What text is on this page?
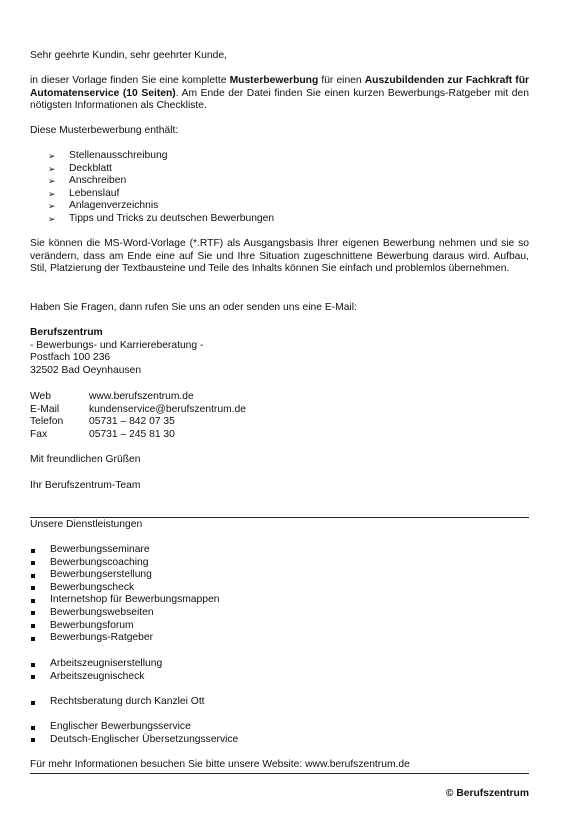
Sehr geehrte Kundin, sehr geehrter Kunde,
in dieser Vorlage finden Sie eine komplette Musterbewerbung für einen Auszubildenden zur Fachkraft für Automatenservice (10 Seiten). Am Ende der Datei finden Sie einen kurzen Bewerbungs-Ratgeber mit den nötigsten Informationen als Checkliste.
Diese Musterbewerbung enthält:
➢ Stellenausschreibung
➢ Deckblatt
➢ Anschreiben
➢ Lebenslauf
➢ Anlagenverzeichnis
➢ Tipps und Tricks zu deutschen Bewerbungen
Sie können die MS-Word-Vorlage (*.RTF) als Ausgangsbasis Ihrer eigenen Bewerbung nehmen und sie so verändern, dass am Ende eine auf Sie und Ihre Situation zugeschnittene Bewerbung daraus wird. Aufbau, Stil, Platzierung der Textbausteine und Teile des Inhalts können Sie einfach und problemlos übernehmen.
Haben Sie Fragen, dann rufen Sie uns an oder senden uns eine E-Mail:
Berufszentrum
- Bewerbungs- und Karriereberatung -
Postfach 100 236
32502 Bad Oeynhausen
Web	www.berufszentrum.de
E-Mail	kundenservice@berufszentrum.de
Telefon	05731 – 842 07 35
Fax	05731 – 245 81 30
Mit freundlichen Grüßen
Ihr Berufszentrum-Team
Unsere Dienstleistungen
Bewerbungsseminare
Bewerbungscoaching
Bewerbungserstellung
Bewerbungscheck
Internetshop für Bewerbungsmappen
Bewerbungswebseiten
Bewerbungsforum
Bewerbungs-Ratgeber
Arbeitszeugniserstellung
Arbeitszeugnischeck
Rechtsberatung durch Kanzlei Ott
Englischer Bewerbungsservice
Deutsch-Englischer Übersetzungsservice
Für mehr Informationen besuchen Sie bitte unsere Website: www.berufszentrum.de
© Berufszentrum
